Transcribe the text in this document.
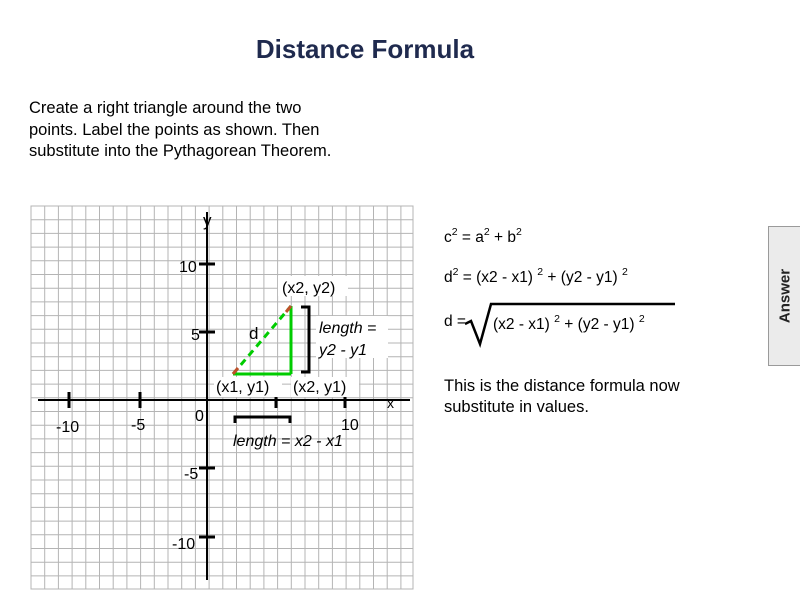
Distance Formula
Create a right triangle around the two points. Label the points as shown. Then substitute into the Pythagorean Theorem.
y
x
-10	-5
0
10
10
5
-5
-10
(x2, y2)
(x1, y1) (x2, y1)
d	length =
y2 - y1
length = x2 - x1
$c^2 = a^2 + b^2$
$d^2 = (x2 - x1) ^2 + (y2 - y1)$ $^2$
d = (x2 - x1) $^2$ + (y2 - y1) $^2$
This is the distance formula now substitute in values.
Answer
